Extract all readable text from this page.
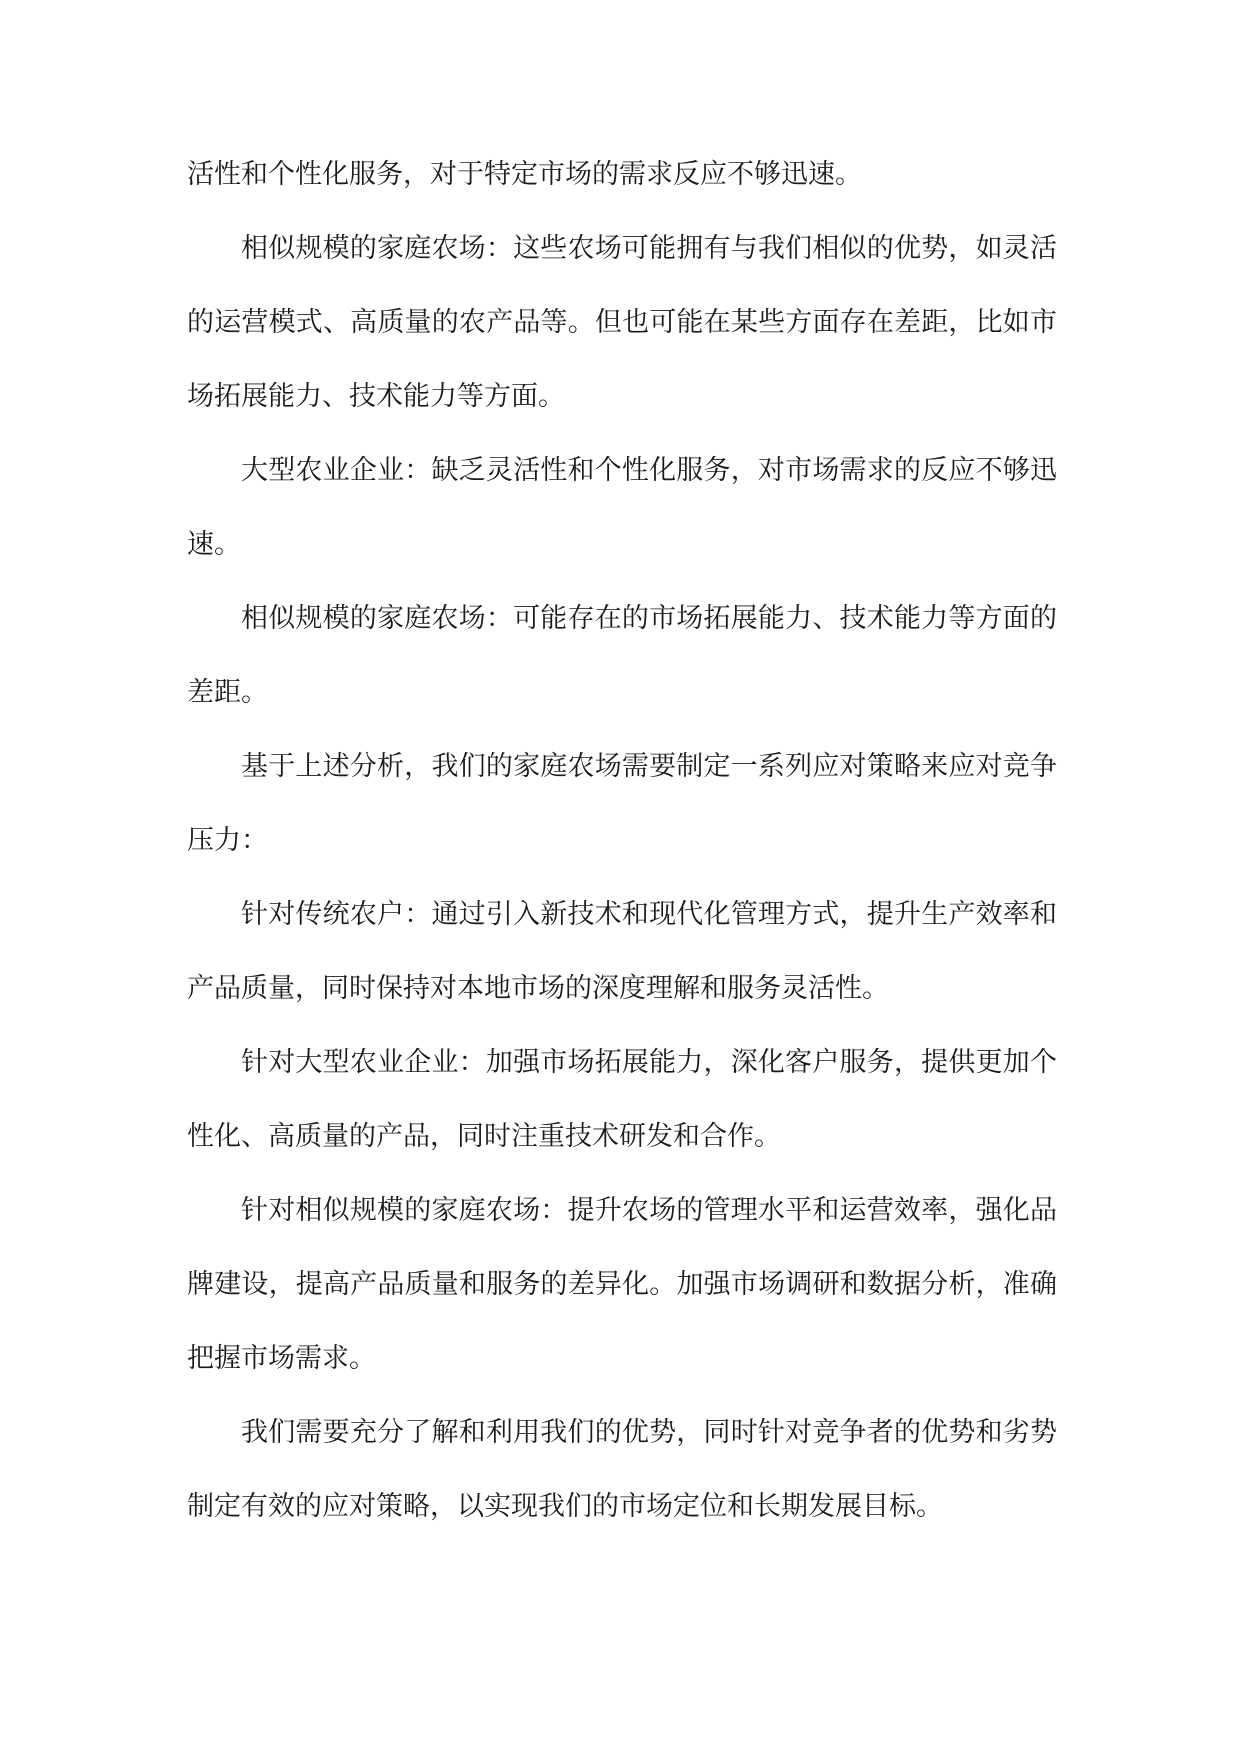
活性和个性化服务，对于特定市场的需求反应不够迅速。

相似规模的家庭农场：这些农场可能拥有与我们相似的优势，如灵活的运营模式、高质量的农产品等。但也可能在某些方面存在差距，比如市场拓展能力、技术能力等方面。

大型农业企业：缺乏灵活性和个性化服务，对市场需求的反应不够迅速。

相似规模的家庭农场：可能存在的市场拓展能力、技术能力等方面的差距。

基于上述分析，我们的家庭农场需要制定一系列应对策略来应对竞争压力：

针对传统农户：通过引入新技术和现代化管理方式，提升生产效率和产品质量，同时保持对本地市场的深度理解和服务灵活性。

针对大型农业企业：加强市场拓展能力，深化客户服务，提供更加个性化、高质量的产品，同时注重技术研发和合作。

针对相似规模的家庭农场：提升农场的管理水平和运营效率，强化品牌建设，提高产品质量和服务的差异化。加强市场调研和数据分析，准确把握市场需求。

我们需要充分了解和利用我们的优势，同时针对竞争者的优势和劣势制定有效的应对策略，以实现我们的市场定位和长期发展目标。
